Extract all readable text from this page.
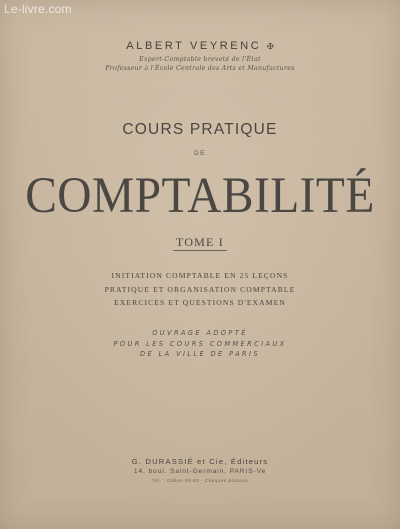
Le-livre.com
ALBERT VEYRENC ✠
Expert-Comptable breveté de l'État
Professeur à l'École Centrale des Arts et Manufactures
COURS PRATIQUE
DE
COMPTABILITÉ
TOME I
INITIATION COMPTABLE EN 25 LEÇONS
PRATIQUE ET ORGANISATION COMPTABLE
EXERCICES ET QUESTIONS D'EXAMEN
OUVRAGE ADOPTÉ
POUR LES COURS COMMERCIAUX
DE LA VILLE DE PARIS
G. DURASSIÉ et Cie, Éditeurs
14, boul. Saint-Germain, PARIS-Ve
Tél. : Odéon 80-63 · Chèques postaux
